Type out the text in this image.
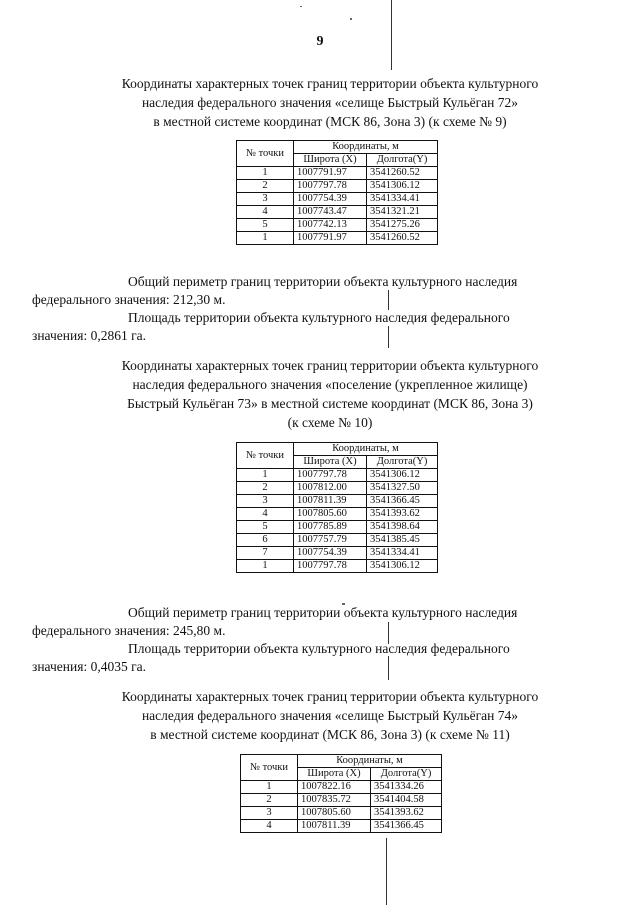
9
Координаты характерных точек границ территории объекта культурного
наследия федерального значения «селище Быстрый Кульёган 72»
в местной системе координат (МСК 86, Зона 3) (к схеме № 9)
№ точки	Координаты, м	
	Широта (X)	Долгота(Y)
1	1007791.97	3541260.52
2	1007797.78	3541306.12
3	1007754.39	3541334.41
4	1007743.47	3541321.21
5	1007742.13	3541275.26
1	1007791.97	3541260.52
Общий периметр границ территории объекта культурного наследия
федерального значения: 212,30 м.
Площадь территории объекта культурного наследия федерального
значения: 0,2861 га.
Координаты характерных точек границ территории объекта культурного
наследия федерального значения «поселение (укрепленное жилище)
Быстрый Кульёган 73» в местной системе координат (МСК 86, Зона 3)
(к схеме № 10)
№ точки	Координаты, м	
	Широта (X)	Долгота(Y)
1	1007797.78	3541306.12
2	1007812.00	3541327.50
3	1007811.39	3541366.45
4	1007805.60	3541393.62
5	1007785.89	3541398.64
6	1007757.79	3541385.45
7	1007754.39	3541334.41
1	1007797.78	3541306.12
Общий периметр границ территории объекта культурного наследия
федерального значения: 245,80 м.
Площадь территории объекта культурного наследия федерального
значения: 0,4035 га.
Координаты характерных точек границ территории объекта культурного
наследия федерального значения «селище Быстрый Кульёган 74»
в местной системе координат (МСК 86, Зона 3) (к схеме № 11)
№ точки	Координаты, м	
	Широта (X)	Долгота(Y)
1	1007822.16	3541334.26
2	1007835.72	3541404.58
3	1007805.60	3541393.62
4	1007811.39	3541366.45
